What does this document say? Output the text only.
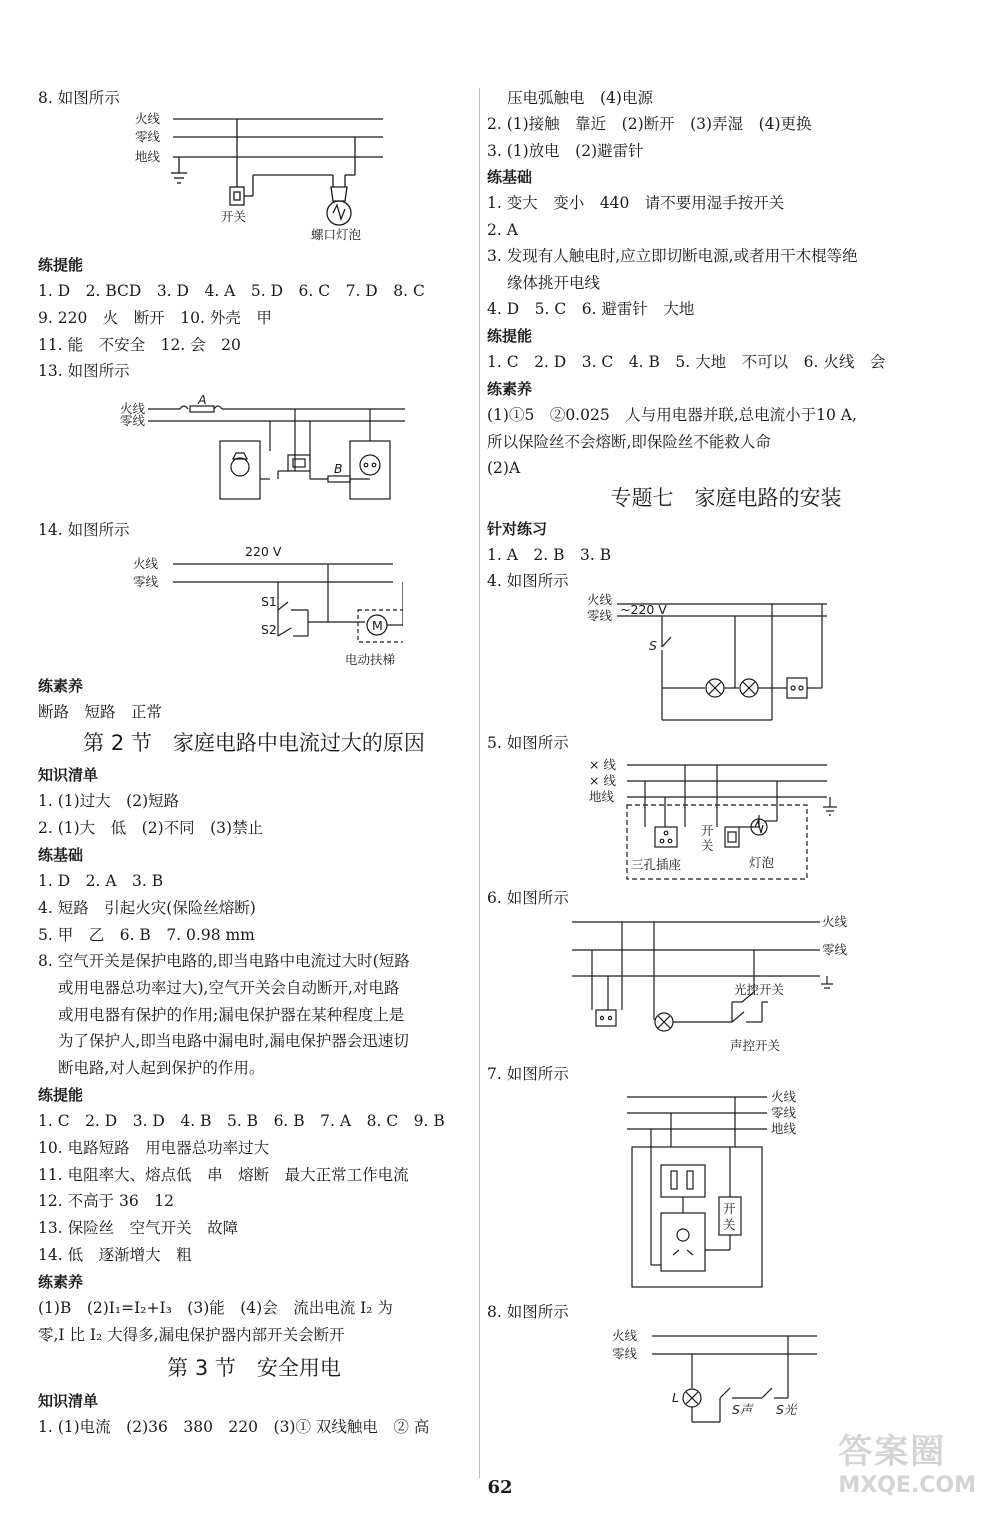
8. 如图所示
火线
零线
地线
开关
螺口灯泡
练提能
1. D　2. BCD　3. D　4. A　5. D　6. C　7. D　8. C
9. 220　火　断开　10. 外壳　甲
11. 能　不安全　12. 会　20
13. 如图所示
火线
零线
A
B
14. 如图所示
火线
零线
220 V
S1
S2	M
电动扶梯
练素养
断路　短路　正常
第 2 节　家庭电路中电流过大的原因
知识清单
1. (1)过大　(2)短路
2. (1)大　低　(2)不同　(3)禁止
练基础
1. D　2. A　3. B
4. 短路　引起火灾(保险丝熔断)
5. 甲　乙　6. B　7. 0.98 mm
8. 空气开关是保护电路的,即当电路中电流过大时(短路
或用电器总功率过大),空气开关会自动断开,对电路
或用电器有保护的作用;漏电保护器在某种程度上是
为了保护人,即当电路中漏电时,漏电保护器会迅速切
断电路,对人起到保护的作用。
练提能
1. C　2. D　3. D　4. B　5. B　6. B　7. A　8. C　9. B
10. 电路短路　用电器总功率过大
11. 电阻率大、熔点低　串　熔断　最大正常工作电流
12. 不高于 36　12
13. 保险丝　空气开关　故障
14. 低　逐渐增大　粗
练素养
(1)B　(2)I₁=I₂+I₃　(3)能　(4)会　流出电流 I₂ 为
零,I 比 I₂ 大得多,漏电保护器内部开关会断开
第 3 节　安全用电
知识清单
1. (1)电流　(2)36　380　220　(3)① 双线触电　② 高
压电弧触电　(4)电源
2. (1)接触　靠近　(2)断开　(3)弄湿　(4)更换
3. (1)放电　(2)避雷针
练基础
1. 变大　变小　440　请不要用湿手按开关
2. A
3. 发现有人触电时,应立即切断电源,或者用干木棍等绝
缘体挑开电线
4. D　5. C　6. 避雷针　大地
练提能
1. C　2. D　3. C　4. B　5. 大地　不可以　6. 火线　会
练素养
(1)①5　②0.025　人与用电器并联,总电流小于10 A,
所以保险丝不会熔断,即保险丝不能救人命
(2)A
专题七　家庭电路的安装
针对练习
1. A　2. B　3. B
4. 如图所示
火线
零线 ~220 V
S
5. 如图所示
× 线
× 线
地线
开
关
三孔插座	灯泡
6. 如图所示
火线
零线
光控开关
声控开关
7. 如图所示
火线
零线
地线
开
关
8. 如图所示
火线
零线
L
S声 S光
62
答案圈
MXQE.COM
